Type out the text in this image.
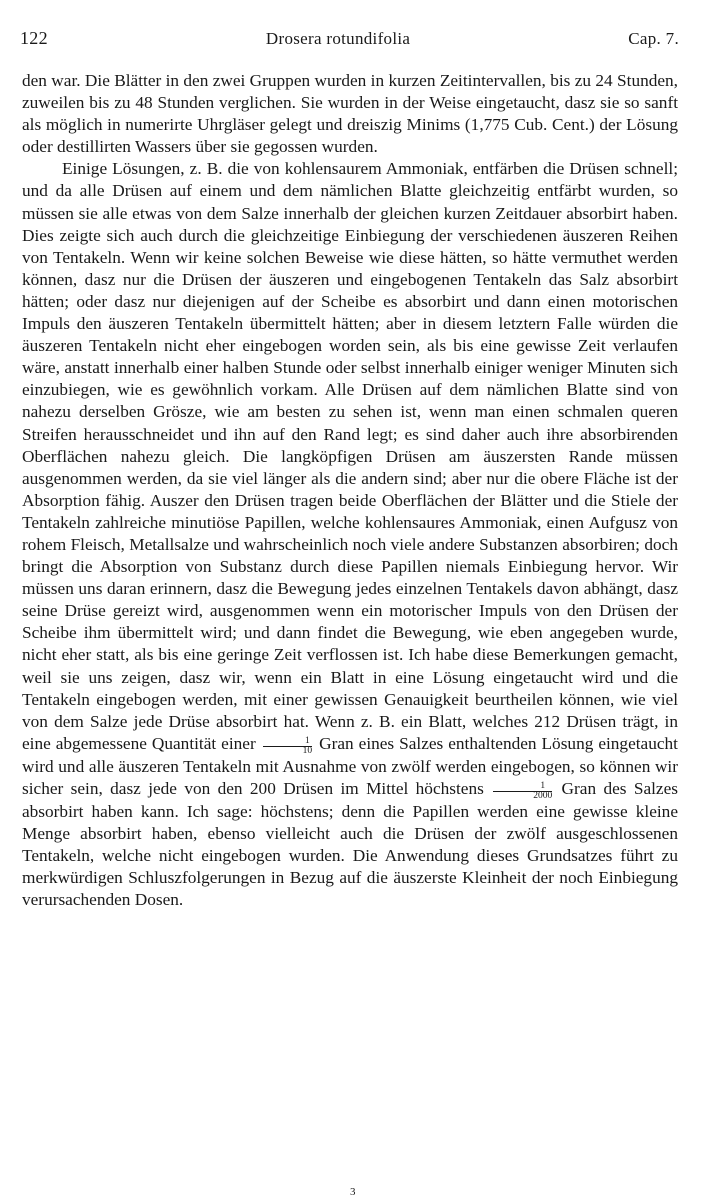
122	Drosera rotundifolia	Cap. 7.

den war. Die Blätter in den zwei Gruppen wurden in kurzen Zeitintervallen, bis zu 24 Stunden, zuweilen bis zu 48 Stunden verglichen. Sie wurden in der Weise eingetaucht, dasz sie so sanft als möglich in numerirte Uhrgläser gelegt und dreiszig Minims (1,775 Cub. Cent.) der Lösung oder destillirten Wassers über sie gegossen wurden.

Einige Lösungen, z. B. die von kohlensaurem Ammoniak, entfärben die Drüsen schnell; und da alle Drüsen auf einem und dem nämlichen Blatte gleichzeitig entfärbt wurden, so müssen sie alle etwas von dem Salze innerhalb der gleichen kurzen Zeitdauer absorbirt haben. Dies zeigte sich auch durch die gleichzeitige Einbiegung der verschiedenen äuszeren Reihen von Tentakeln. Wenn wir keine solchen Beweise wie diese hätten, so hätte vermuthet werden können, dasz nur die Drüsen der äuszeren und eingebogenen Tentakeln das Salz absorbirt hätten; oder dasz nur diejenigen auf der Scheibe es absorbirt und dann einen motorischen Impuls den äuszeren Tentakeln übermittelt hätten; aber in diesem letztern Falle würden die äuszeren Tentakeln nicht eher eingebogen worden sein, als bis eine gewisse Zeit verlaufen wäre, anstatt innerhalb einer halben Stunde oder selbst innerhalb einiger weniger Minuten sich einzubiegen, wie es gewöhnlich vorkam. Alle Drüsen auf dem nämlichen Blatte sind von nahezu derselben Grösze, wie am besten zu sehen ist, wenn man einen schmalen queren Streifen herausschneidet und ihn auf den Rand legt; es sind daher auch ihre absorbirenden Oberflächen nahezu gleich. Die langköpfigen Drüsen am äuszersten Rande müssen ausgenommen werden, da sie viel länger als die andern sind; aber nur die obere Fläche ist der Absorption fähig. Auszer den Drüsen tragen beide Oberflächen der Blätter und die Stiele der Tentakeln zahlreiche minutiöse Papillen, welche kohlensaures Ammoniak, einen Aufgusz von rohem Fleisch, Metallsalze und wahrscheinlich noch viele andere Substanzen absorbiren; doch bringt die Absorption von Substanz durch diese Papillen niemals Einbiegung hervor. Wir müssen uns daran erinnern, dasz die Bewegung jedes einzelnen Tentakels davon abhängt, dasz seine Drüse gereizt wird, ausgenommen wenn ein motorischer Impuls von den Drüsen der Scheibe ihm übermittelt wird; und dann findet die Bewegung, wie eben angegeben wurde, nicht eher statt, als bis eine geringe Zeit verflossen ist. Ich habe diese Bemerkungen gemacht, weil sie uns zeigen, dasz wir, wenn ein Blatt in eine Lösung eingetaucht wird und die Tentakeln eingebogen werden, mit einer gewissen Genauigkeit beurtheilen können, wie viel von dem Salze jede Drüse absorbirt hat. Wenn z. B. ein Blatt, welches 212 Drüsen trägt, in eine abgemessene Quantität einer $\frac{1}{10}$ Gran eines Salzes enthaltenden Lösung eingetaucht wird und alle äuszeren Tentakeln mit Ausnahme von zwölf werden eingebogen, so können wir sicher sein, dasz jede von den 200 Drüsen im Mittel höchstens $\frac{1}{2000}$ Gran des Salzes absorbirt haben kann. Ich sage: höchstens; denn die Papillen werden eine gewisse kleine Menge absorbirt haben, ebenso vielleicht auch die Drüsen der zwölf ausgeschlossenen Tentakeln, welche nicht eingebogen wurden. Die Anwendung dieses Grundsatzes führt zu merkwürdigen Schluszfolgerungen in Bezug auf die äuszerste Kleinheit der noch Einbiegung verursachenden Dosen.

3
